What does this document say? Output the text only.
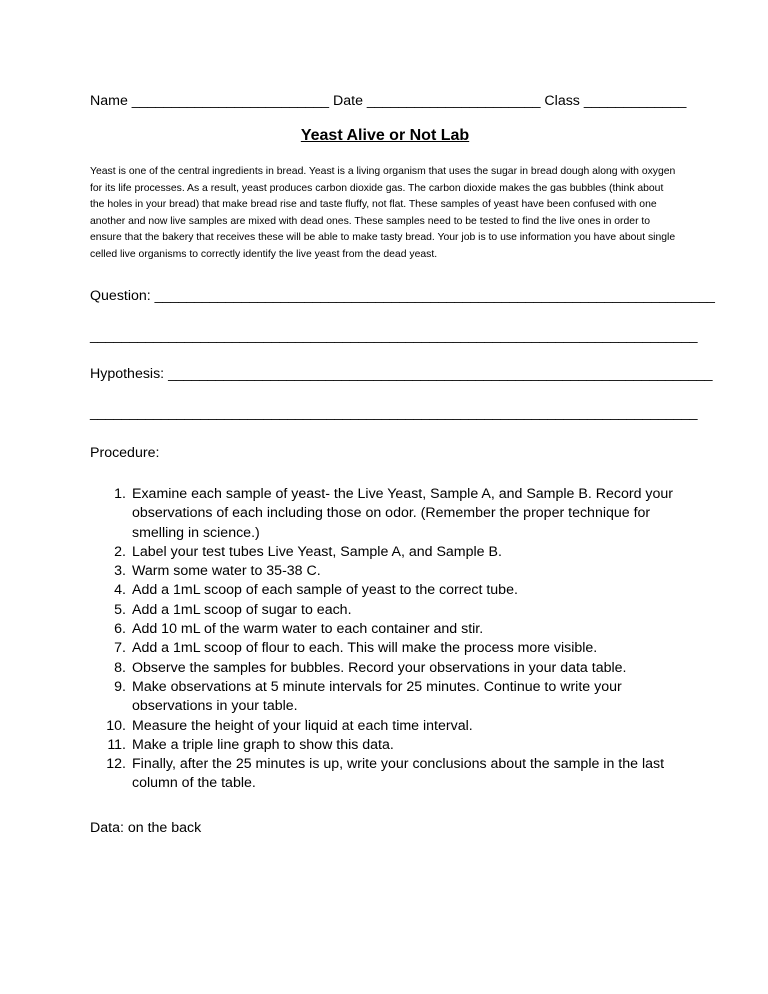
Name _________________________ Date ______________________ Class _____________
Yeast Alive or Not Lab

Yeast is one of the central ingredients in bread. Yeast is a living organism that uses the sugar in bread dough along with oxygen for its life processes. As a result, yeast produces carbon dioxide gas. The carbon dioxide makes the gas bubbles (think about the holes in your bread) that make bread rise and taste fluffy, not flat. These samples of yeast have been confused with one another and now live samples are mixed with dead ones. These samples need to be tested to find the live ones in order to ensure that the bakery that receives these will be able to make tasty bread. Your job is to use information you have about single celled live organisms to correctly identify the live yeast from the dead yeast.

Question: _______________________________________________________________________
_____________________________________________________________________________
Hypothesis: _____________________________________________________________________
_____________________________________________________________________________
Procedure:
1. Examine each sample of yeast- the Live Yeast, Sample A, and Sample B. Record your observations of each including those on odor. (Remember the proper technique for smelling in science.)
2. Label your test tubes Live Yeast, Sample A, and Sample B.
3. Warm some water to 35-38 C.
4. Add a 1mL scoop of each sample of yeast to the correct tube.
5. Add a 1mL scoop of sugar to each.
6. Add 10 mL of the warm water to each container and stir.
7. Add a 1mL scoop of flour to each. This will make the process more visible.
8. Observe the samples for bubbles. Record your observations in your data table.
9. Make observations at 5 minute intervals for 25 minutes. Continue to write your observations in your table.
10. Measure the height of your liquid at each time interval.
11. Make a triple line graph to show this data.
12. Finally, after the 25 minutes is up, write your conclusions about the sample in the last column of the table.
Data: on the back
